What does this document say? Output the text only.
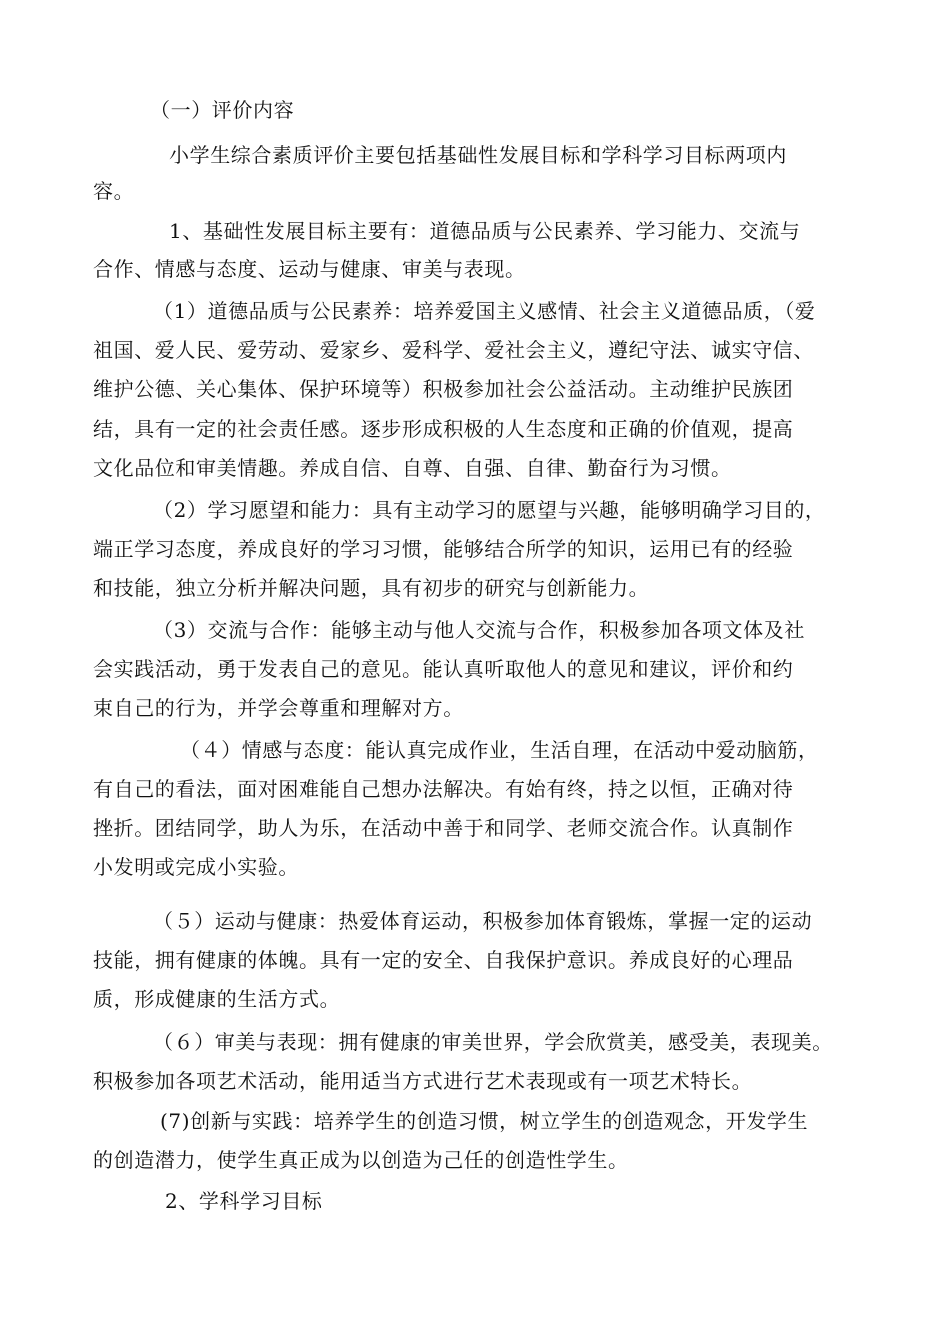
（一）评价内容
小学生综合素质评价主要包括基础性发展目标和学科学习目标两项内
容。
1、基础性发展目标主要有：道德品质与公民素养、学习能力、交流与
合作、情感与态度、运动与健康、审美与表现。
（1）道德品质与公民素养：培养爱国主义感情、社会主义道德品质，（爱
祖国、爱人民、爱劳动、爱家乡、爱科学、爱社会主义，遵纪守法、诚实守信、
维护公德、关心集体、保护环境等）积极参加社会公益活动。主动维护民族团
结，具有一定的社会责任感。逐步形成积极的人生态度和正确的价值观，提高
文化品位和审美情趣。养成自信、自尊、自强、自律、勤奋行为习惯。
（2）学习愿望和能力：具有主动学习的愿望与兴趣，能够明确学习目的，
端正学习态度，养成良好的学习习惯，能够结合所学的知识，运用已有的经验
和技能，独立分析并解决问题，具有初步的研究与创新能力。
（3）交流与合作：能够主动与他人交流与合作，积极参加各项文体及社
会实践活动，勇于发表自己的意见。能认真听取他人的意见和建议，评价和约
束自己的行为，并学会尊重和理解对方。
（４）情感与态度：能认真完成作业，生活自理，在活动中爱动脑筋，
有自己的看法，面对困难能自己想办法解决。有始有终，持之以恒，正确对待
挫折。团结同学，助人为乐，在活动中善于和同学、老师交流合作。认真制作
小发明或完成小实验。
（５）运动与健康：热爱体育运动，积极参加体育锻炼，掌握一定的运动
技能，拥有健康的体魄。具有一定的安全、自我保护意识。养成良好的心理品
质，形成健康的生活方式。
（６）审美与表现：拥有健康的审美世界，学会欣赏美，感受美，表现美。
积极参加各项艺术活动，能用适当方式进行艺术表现或有一项艺术特长。
(7)创新与实践：培养学生的创造习惯，树立学生的创造观念，开发学生
的创造潜力，使学生真正成为以创造为己任的创造性学生。
2、学科学习目标
